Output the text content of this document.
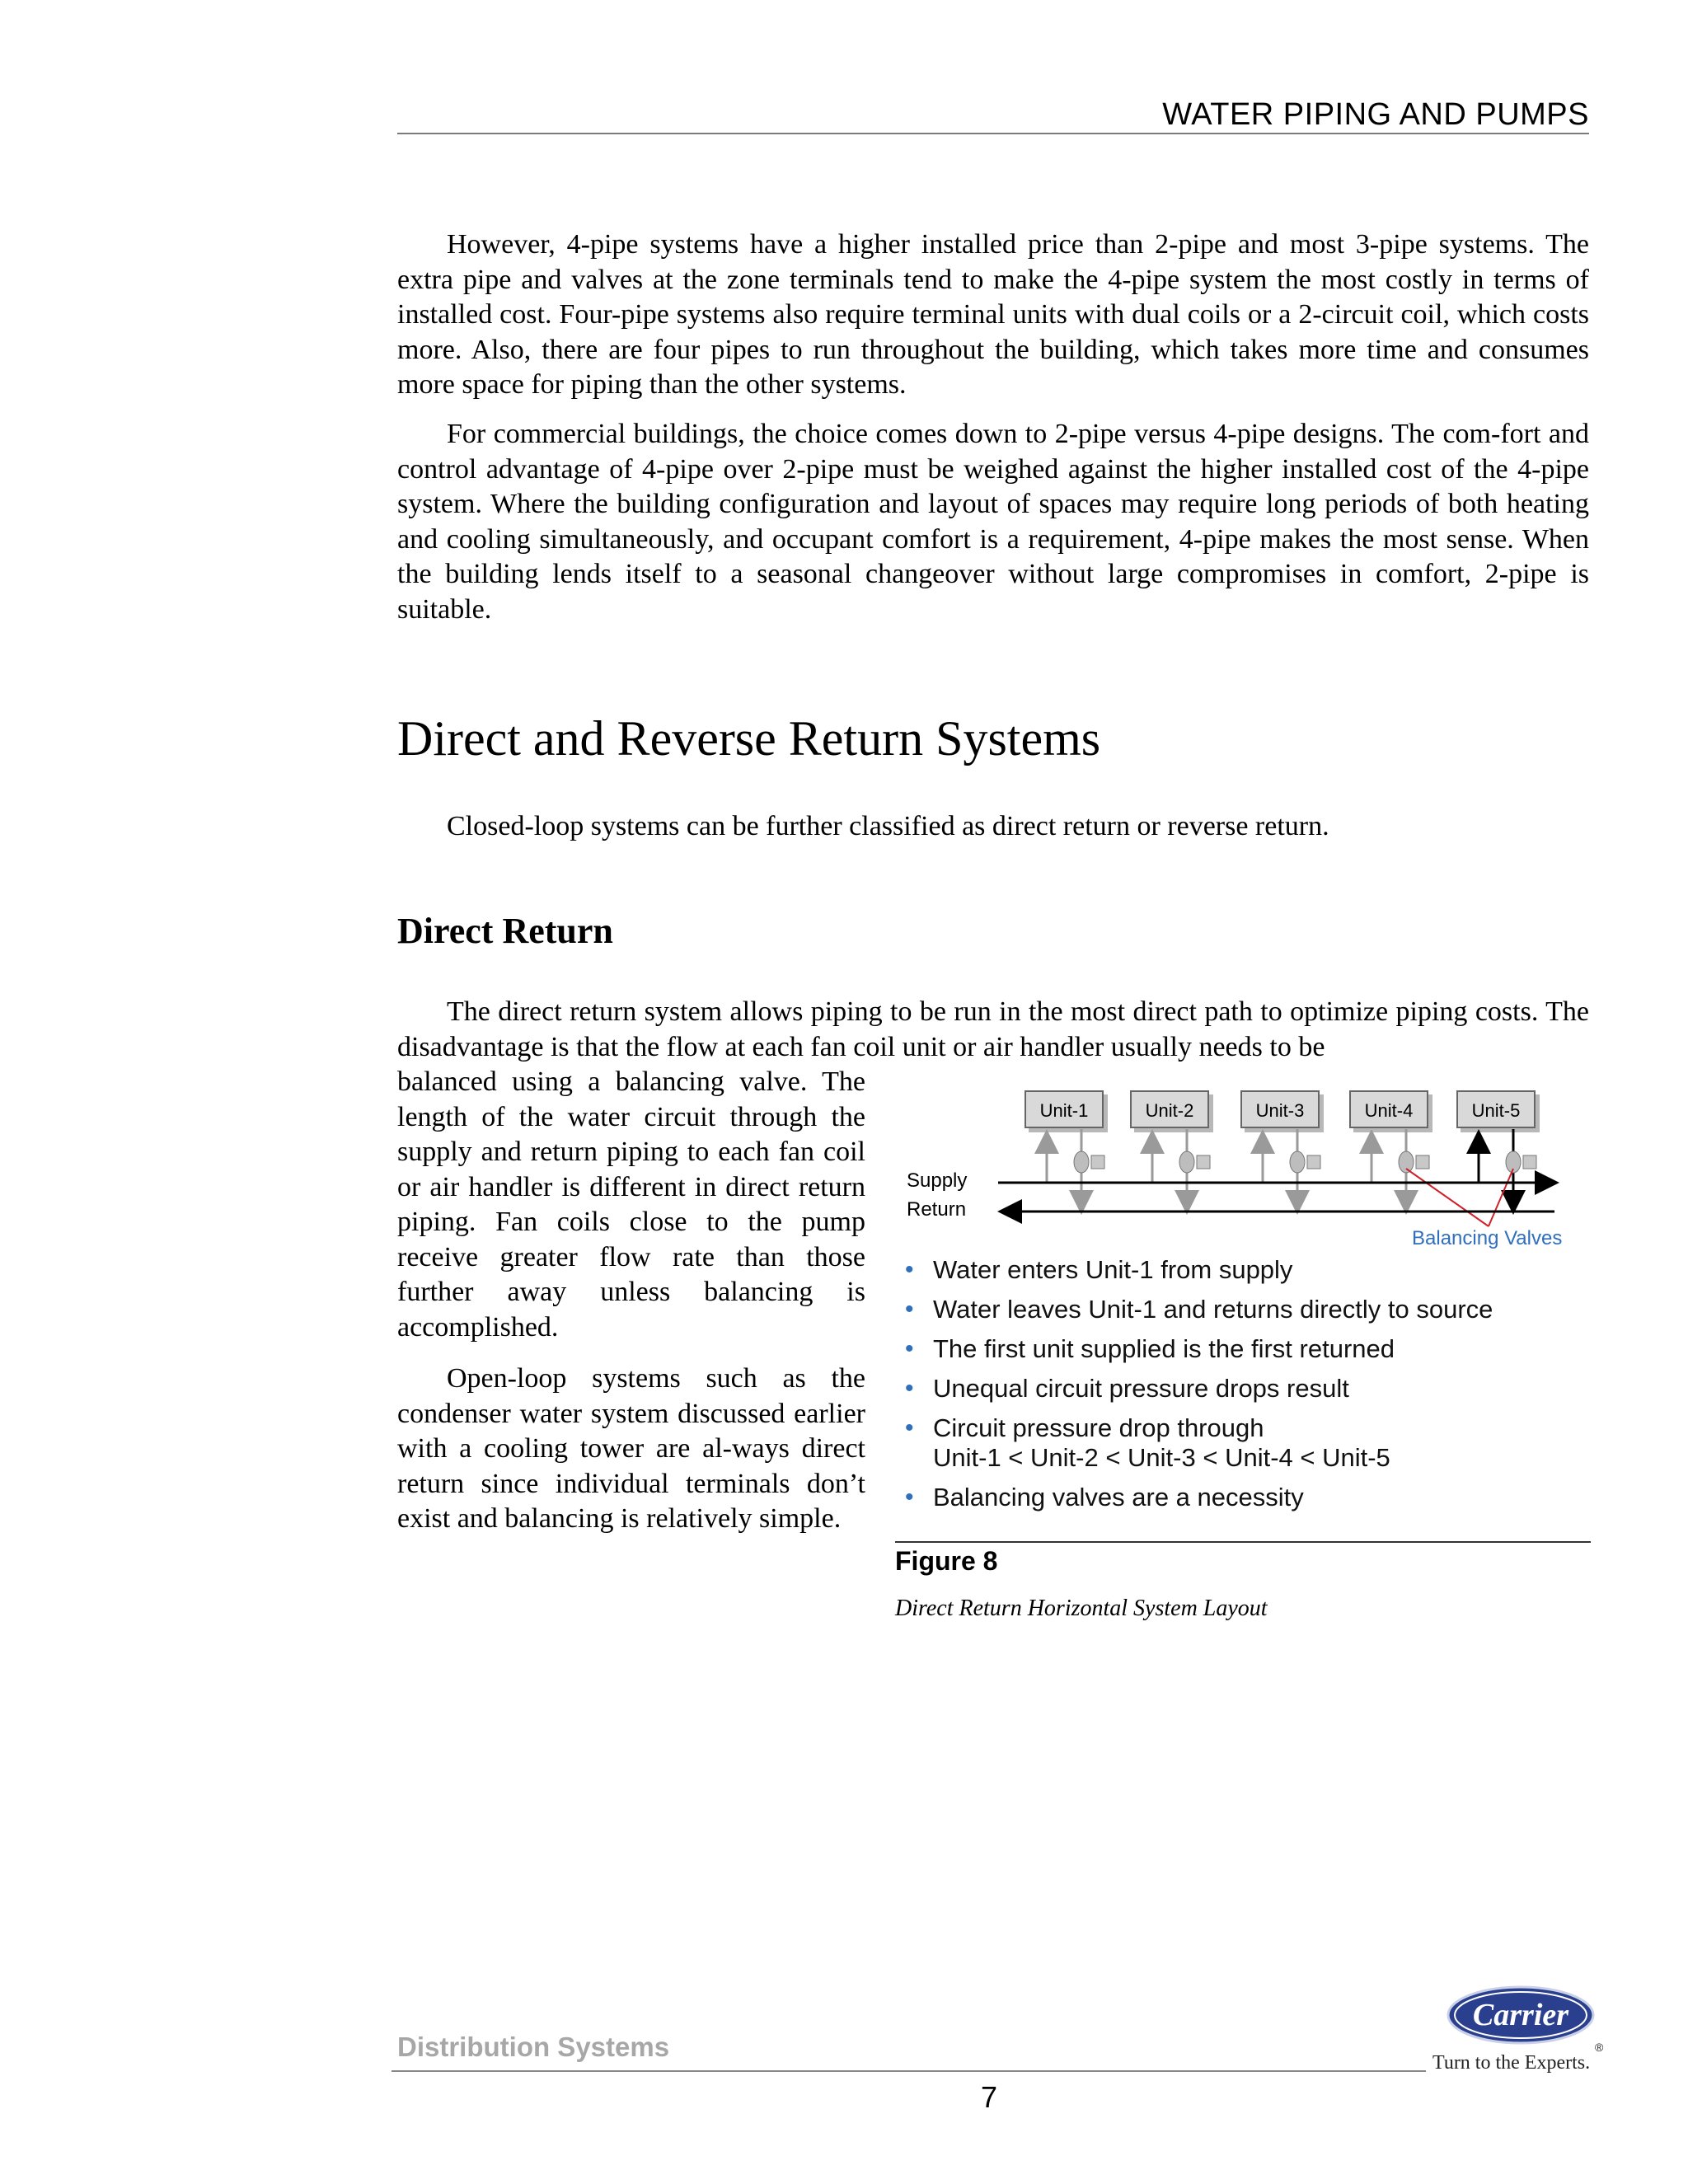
WATER PIPING AND PUMPS

However, 4-pipe systems have a higher installed price than 2-pipe and most 3-pipe systems. The extra pipe and valves at the zone terminals tend to make the 4-pipe system the most costly in terms of installed cost. Four-pipe systems also require terminal units with dual coils or a 2-circuit coil, which costs more. Also, there are four pipes to run throughout the building, which takes more time and consumes more space for piping than the other systems.

For commercial buildings, the choice comes down to 2-pipe versus 4-pipe designs. The com-fort and control advantage of 4-pipe over 2-pipe must be weighed against the higher installed cost of the 4-pipe system. Where the building configuration and layout of spaces may require long periods of both heating and cooling simultaneously, and occupant comfort is a requirement, 4-pipe makes the most sense. When the building lends itself to a seasonal changeover without large compromises in comfort, 2-pipe is suitable.

Direct and Reverse Return Systems

Closed-loop systems can be further classified as direct return or reverse return.

Direct Return

The direct return system allows piping to be run in the most direct path to optimize piping costs. The disadvantage is that the flow at each fan coil unit or air handler usually needs to be

balanced using a balancing valve. The length of the water circuit through the supply and return piping to each fan coil or air handler is different in direct return piping. Fan coils close to the pump receive greater flow rate than those further away unless balancing is accomplished.

Open-loop systems such as the condenser water system discussed earlier with a cooling tower are al-ways direct return since individual terminals don’t exist and balancing is relatively simple.

Unit-1	Unit-2	Unit-3	Unit-4	Unit-5
Supply
Return
Balancing Valves
• Water enters Unit-1 from supply
• Water leaves Unit-1 and returns directly to source
• The first unit supplied is the first returned
• Unequal circuit pressure drops result
• Circuit pressure drop through
Unit-1 < Unit-2 < Unit-3 < Unit-4 < Unit-5
• Balancing valves are a necessity
Figure 8
Direct Return Horizontal System Layout
Distribution Systems
7
Carrier
®
Turn to the Experts.
